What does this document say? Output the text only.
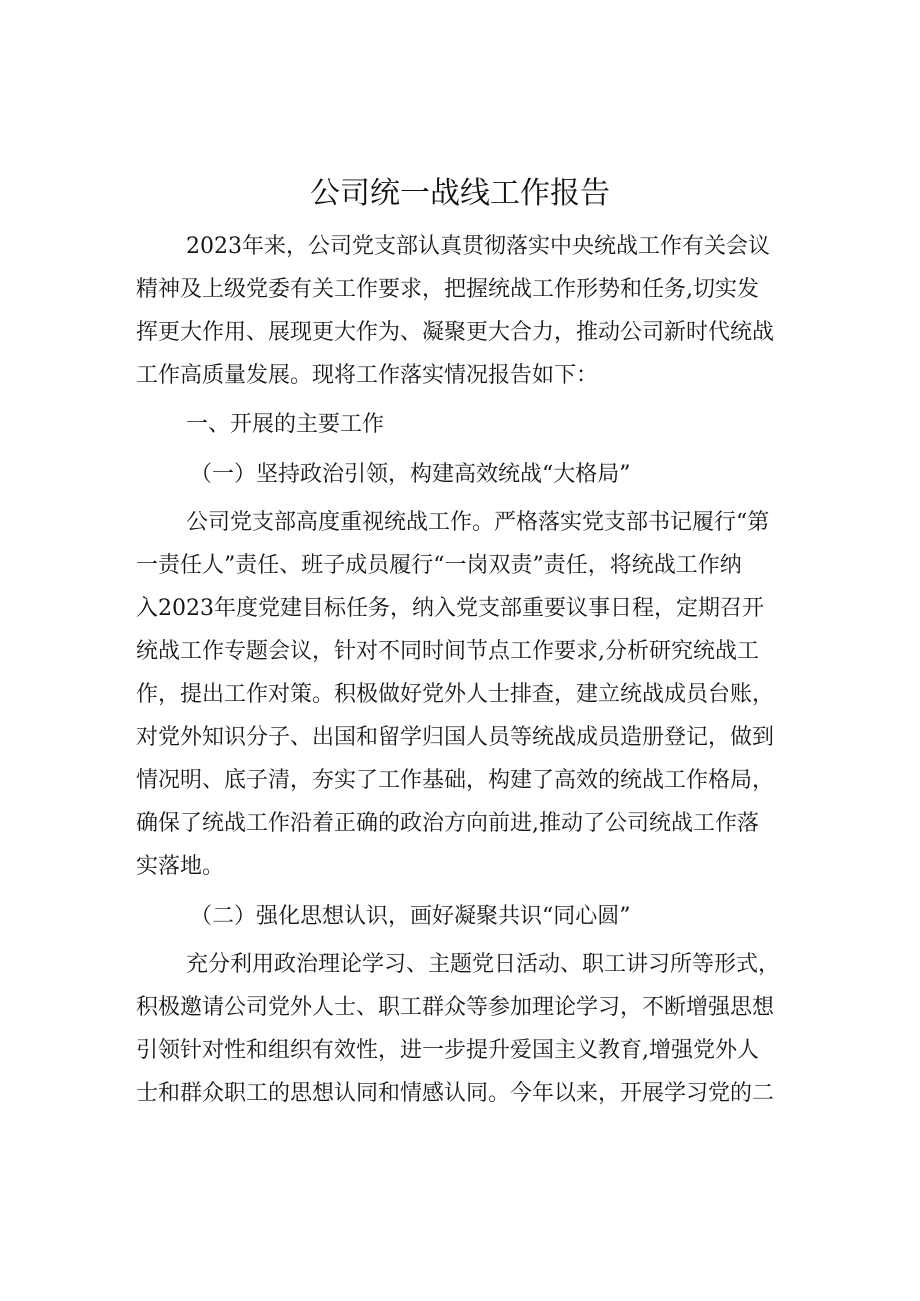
公司统一战线工作报告
2023年来，公司党支部认真贯彻落实中央统战工作有关会议
精神及上级党委有关工作要求，把握统战工作形势和任务,切实发
挥更大作用、展现更大作为、凝聚更大合力，推动公司新时代统战
工作高质量发展。现将工作落实情况报告如下：
一、开展的主要工作
（一）坚持政治引领，构建高效统战“大格局”
公司党支部高度重视统战工作。严格落实党支部书记履行“第
一责任人”责任、班子成员履行“一岗双责”责任，将统战工作纳
入2023年度党建目标任务，纳入党支部重要议事日程，定期召开
统战工作专题会议，针对不同时间节点工作要求,分析研究统战工
作，提出工作对策。积极做好党外人士排查，建立统战成员台账，
对党外知识分子、出国和留学归国人员等统战成员造册登记，做到
情况明、底子清，夯实了工作基础，构建了高效的统战工作格局，
确保了统战工作沿着正确的政治方向前进,推动了公司统战工作落
实落地。
（二）强化思想认识，画好凝聚共识“同心圆”
充分利用政治理论学习、主题党日活动、职工讲习所等形式，
积极邀请公司党外人士、职工群众等参加理论学习，不断增强思想
引领针对性和组织有效性，进一步提升爱国主义教育,增强党外人
士和群众职工的思想认同和情感认同。今年以来，开展学习党的二
